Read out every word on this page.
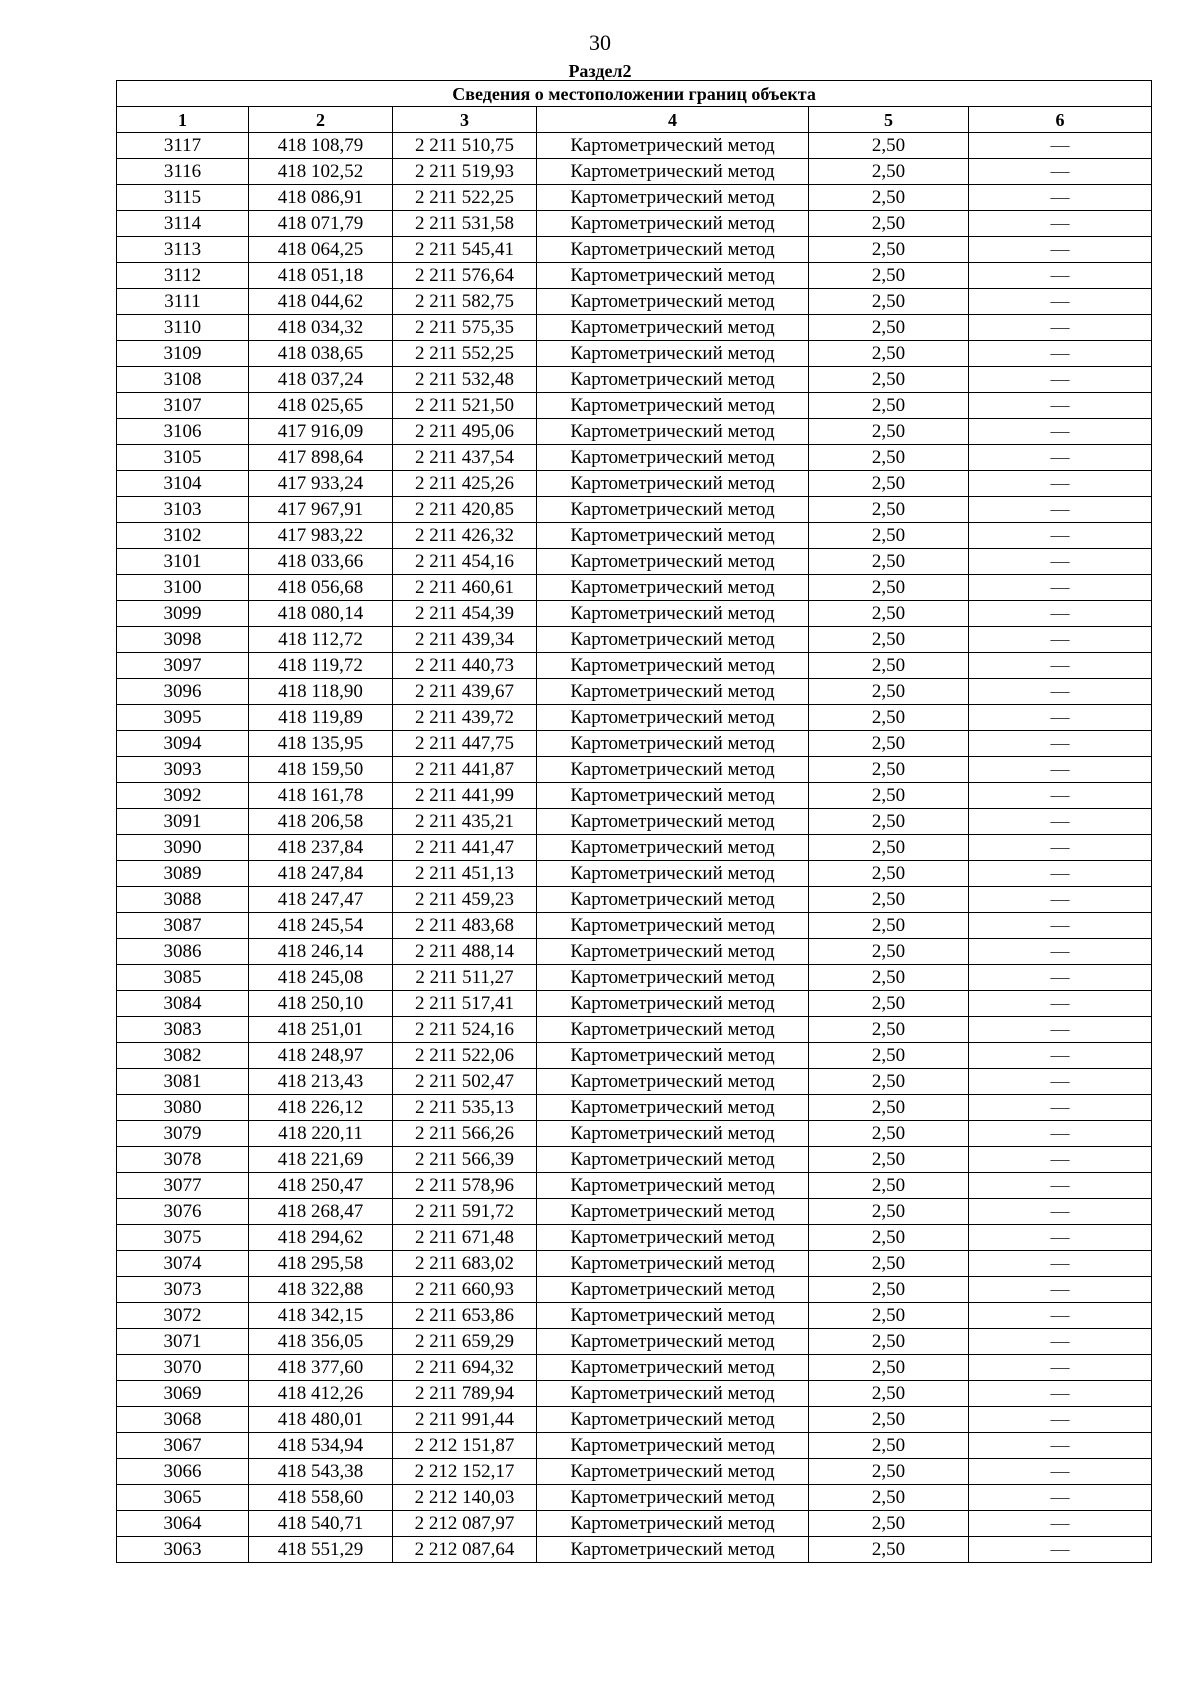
30
Раздел2
Сведения о местоположении границ объекта					
1	2	3	4	5	6
3117	418 108,79	2 211 510,75	Картометрический метод	2,50	—
3116	418 102,52	2 211 519,93	Картометрический метод	2,50	—
3115	418 086,91	2 211 522,25	Картометрический метод	2,50	—
3114	418 071,79	2 211 531,58	Картометрический метод	2,50	—
3113	418 064,25	2 211 545,41	Картометрический метод	2,50	—
3112	418 051,18	2 211 576,64	Картометрический метод	2,50	—
3111	418 044,62	2 211 582,75	Картометрический метод	2,50	—
3110	418 034,32	2 211 575,35	Картометрический метод	2,50	—
3109	418 038,65	2 211 552,25	Картометрический метод	2,50	—
3108	418 037,24	2 211 532,48	Картометрический метод	2,50	—
3107	418 025,65	2 211 521,50	Картометрический метод	2,50	—
3106	417 916,09	2 211 495,06	Картометрический метод	2,50	—
3105	417 898,64	2 211 437,54	Картометрический метод	2,50	—
3104	417 933,24	2 211 425,26	Картометрический метод	2,50	—
3103	417 967,91	2 211 420,85	Картометрический метод	2,50	—
3102	417 983,22	2 211 426,32	Картометрический метод	2,50	—
3101	418 033,66	2 211 454,16	Картометрический метод	2,50	—
3100	418 056,68	2 211 460,61	Картометрический метод	2,50	—
3099	418 080,14	2 211 454,39	Картометрический метод	2,50	—
3098	418 112,72	2 211 439,34	Картометрический метод	2,50	—
3097	418 119,72	2 211 440,73	Картометрический метод	2,50	—
3096	418 118,90	2 211 439,67	Картометрический метод	2,50	—
3095	418 119,89	2 211 439,72	Картометрический метод	2,50	—
3094	418 135,95	2 211 447,75	Картометрический метод	2,50	—
3093	418 159,50	2 211 441,87	Картометрический метод	2,50	—
3092	418 161,78	2 211 441,99	Картометрический метод	2,50	—
3091	418 206,58	2 211 435,21	Картометрический метод	2,50	—
3090	418 237,84	2 211 441,47	Картометрический метод	2,50	—
3089	418 247,84	2 211 451,13	Картометрический метод	2,50	—
3088	418 247,47	2 211 459,23	Картометрический метод	2,50	—
3087	418 245,54	2 211 483,68	Картометрический метод	2,50	—
3086	418 246,14	2 211 488,14	Картометрический метод	2,50	—
3085	418 245,08	2 211 511,27	Картометрический метод	2,50	—
3084	418 250,10	2 211 517,41	Картометрический метод	2,50	—
3083	418 251,01	2 211 524,16	Картометрический метод	2,50	—
3082	418 248,97	2 211 522,06	Картометрический метод	2,50	—
3081	418 213,43	2 211 502,47	Картометрический метод	2,50	—
3080	418 226,12	2 211 535,13	Картометрический метод	2,50	—
3079	418 220,11	2 211 566,26	Картометрический метод	2,50	—
3078	418 221,69	2 211 566,39	Картометрический метод	2,50	—
3077	418 250,47	2 211 578,96	Картометрический метод	2,50	—
3076	418 268,47	2 211 591,72	Картометрический метод	2,50	—
3075	418 294,62	2 211 671,48	Картометрический метод	2,50	—
3074	418 295,58	2 211 683,02	Картометрический метод	2,50	—
3073	418 322,88	2 211 660,93	Картометрический метод	2,50	—
3072	418 342,15	2 211 653,86	Картометрический метод	2,50	—
3071	418 356,05	2 211 659,29	Картометрический метод	2,50	—
3070	418 377,60	2 211 694,32	Картометрический метод	2,50	—
3069	418 412,26	2 211 789,94	Картометрический метод	2,50	—
3068	418 480,01	2 211 991,44	Картометрический метод	2,50	—
3067	418 534,94	2 212 151,87	Картометрический метод	2,50	—
3066	418 543,38	2 212 152,17	Картометрический метод	2,50	—
3065	418 558,60	2 212 140,03	Картометрический метод	2,50	—
3064	418 540,71	2 212 087,97	Картометрический метод	2,50	—
3063	418 551,29	2 212 087,64	Картометрический метод	2,50	—
